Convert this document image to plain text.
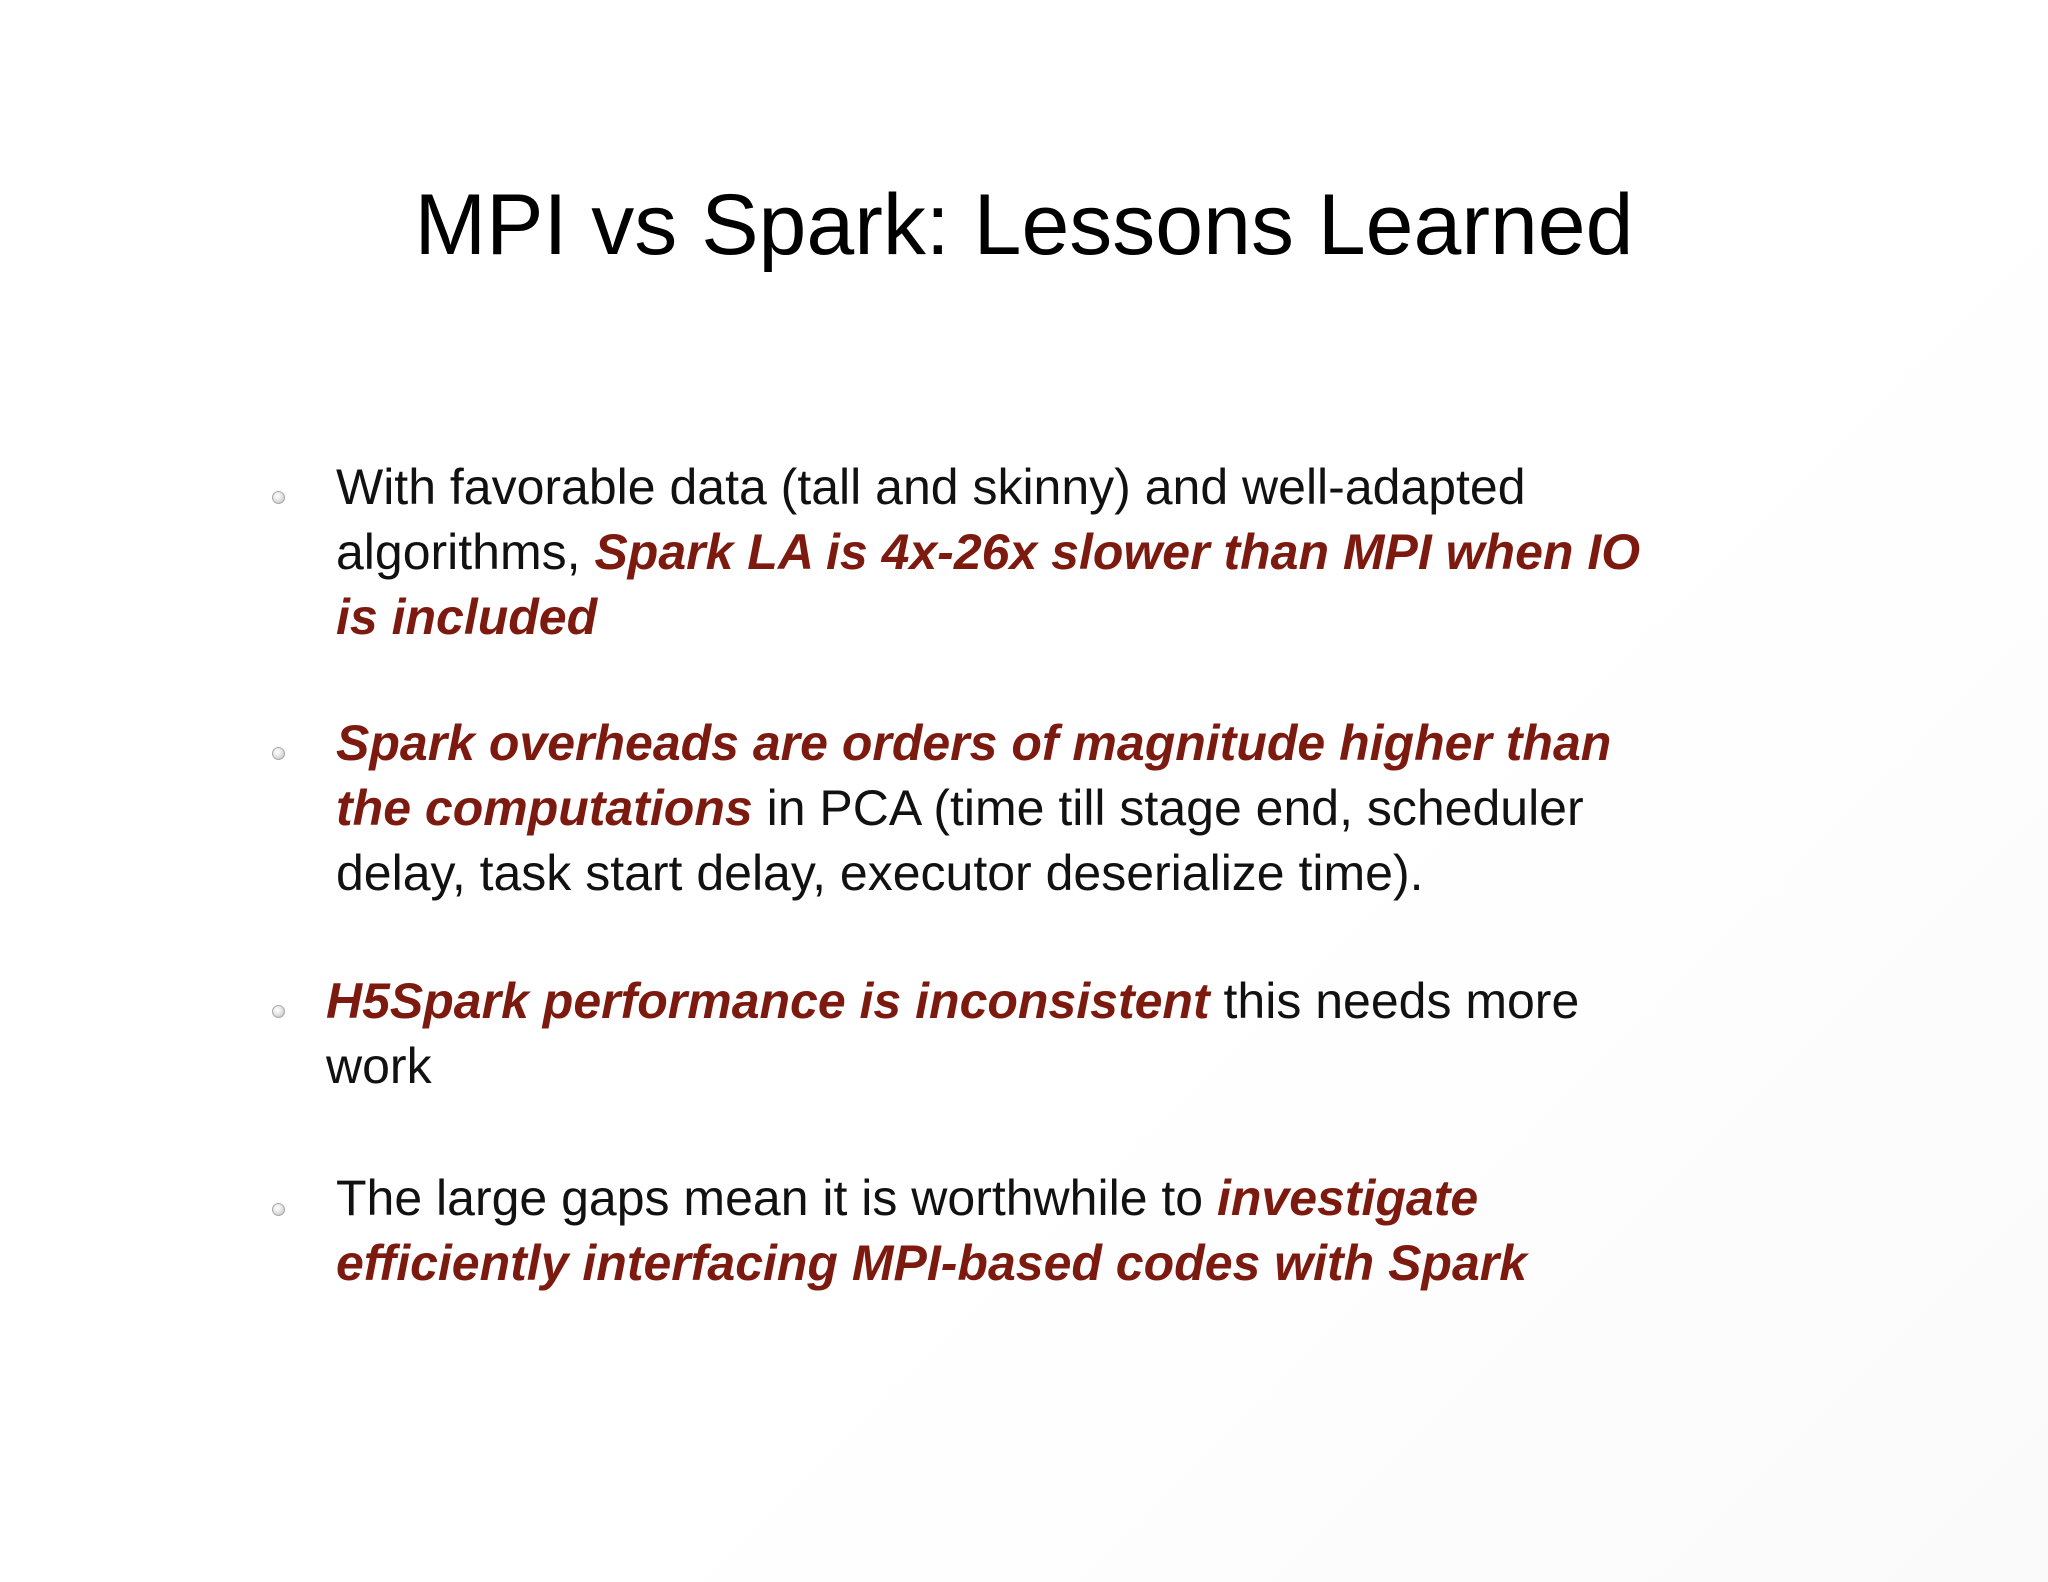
MPI vs Spark: Lessons Learned
With favorable data (tall and skinny) and well-adapted
algorithms, Spark LA is 4x-26x slower than MPI when IO
is included
Spark overheads are orders of magnitude higher than
the computations in PCA (time till stage end, scheduler
delay, task start delay, executor deserialize time).
H5Spark performance is inconsistent this needs more
work
The large gaps mean it is worthwhile to investigate
efficiently interfacing MPI-based codes with Spark
